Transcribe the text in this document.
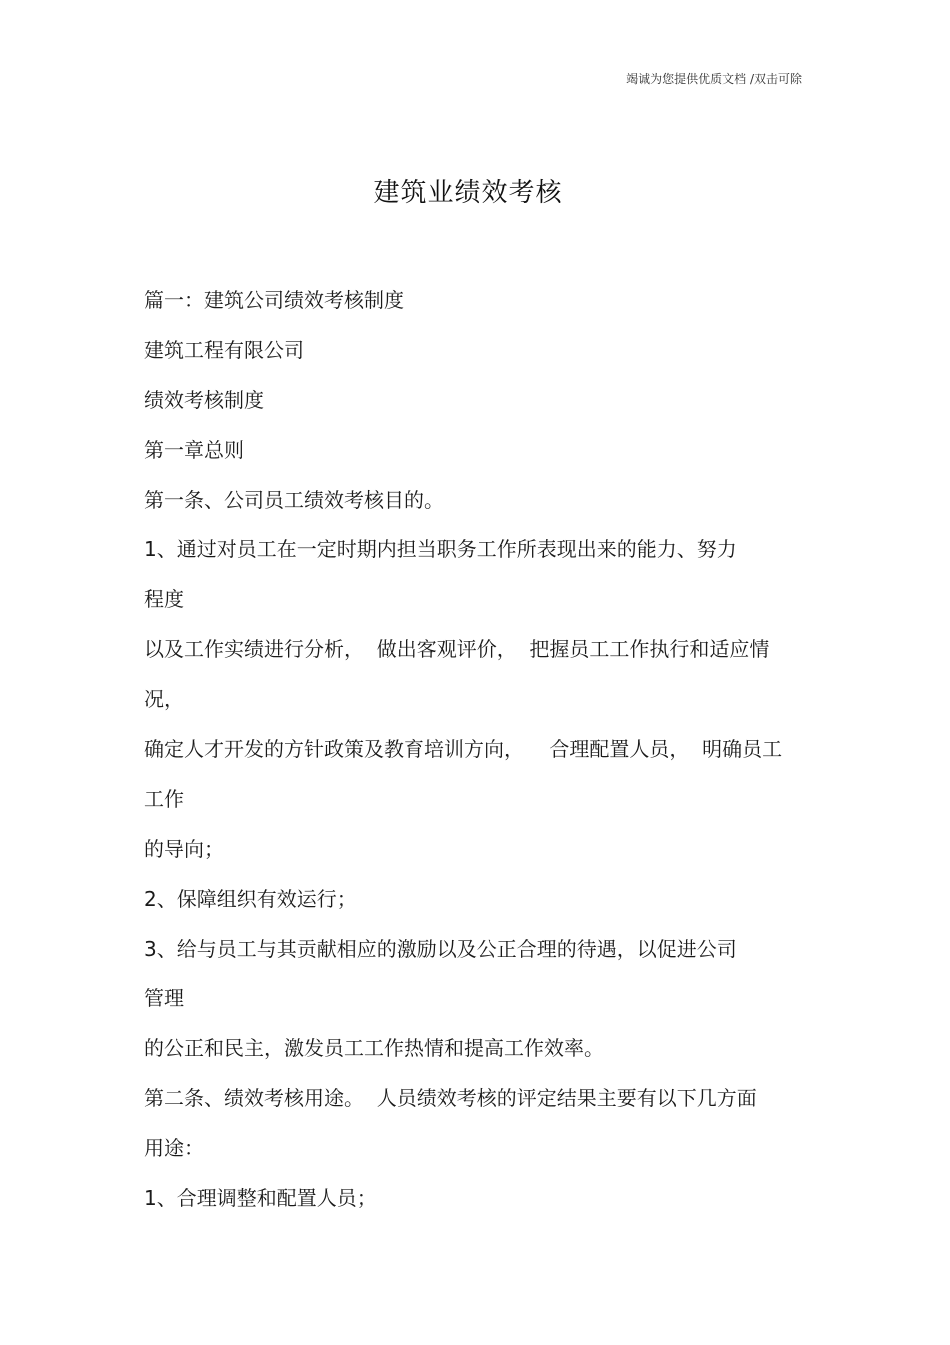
竭诚为您提供优质文档 /双击可除
建筑业绩效考核
篇一：建筑公司绩效考核制度
建筑工程有限公司
绩效考核制度
第一章总则
第一条、公司员工绩效考核目的。
1、通过对员工在一定时期内担当职务工作所表现出来的能力、努力
程度
以及工作实绩进行分析，  做出客观评价，  把握员工工作执行和适应情
况，
确定人才开发的方针政策及教育培训方向，    合理配置人员，  明确员工
工作
的导向；
2、保障组织有效运行；
3、给与员工与其贡献相应的激励以及公正合理的待遇，以促进公司
管理
的公正和民主，激发员工工作热情和提高工作效率。
第二条、绩效考核用途。  人员绩效考核的评定结果主要有以下几方面
用途：
1、合理调整和配置人员；
